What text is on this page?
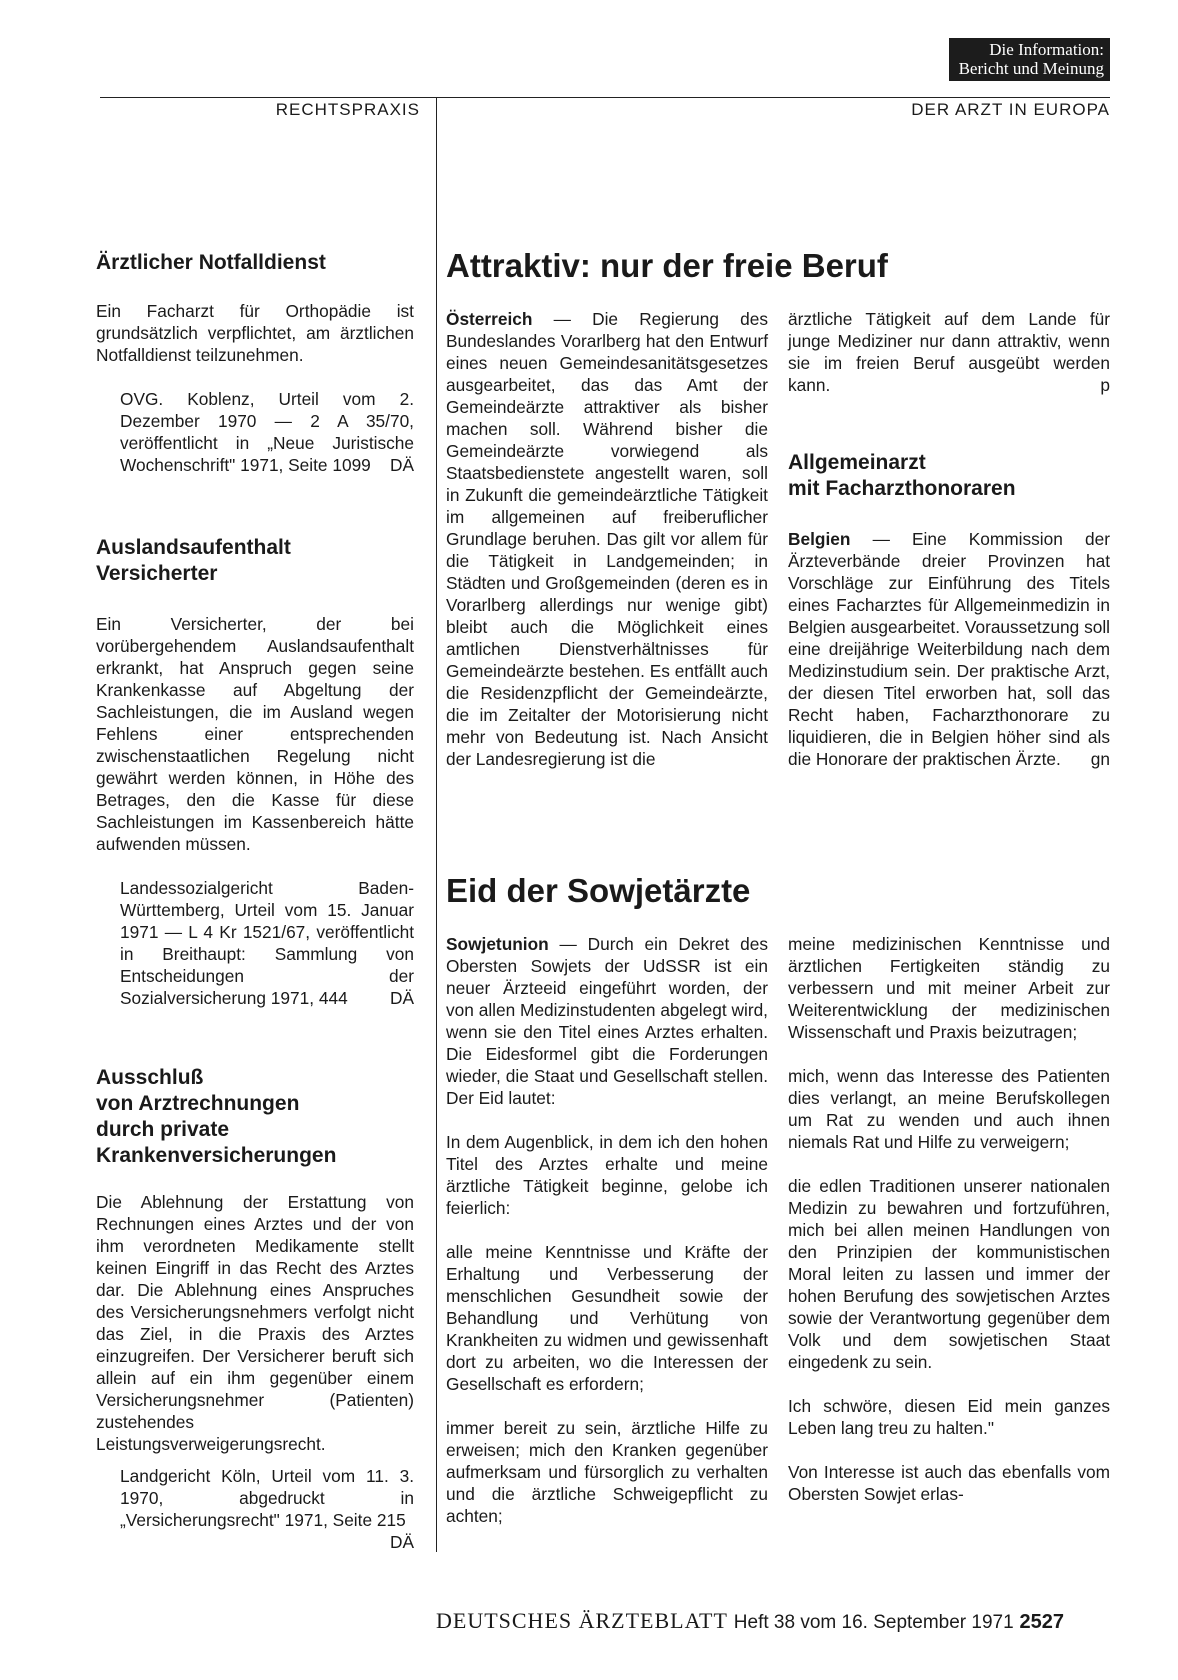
Die Information:
Bericht und Meinung
RECHTSPRAXIS	DER ARZT IN EUROPA
Ärztlicher Notfalldienst

Ein Facharzt für Orthopädie ist grundsätzlich verpflichtet, am ärztlichen Notfalldienst teilzunehmen.

OVG. Koblenz, Urteil vom 2. Dezember 1970 — 2 A 35/70, veröffentlicht in „Neue Juristische Wochenschrift" 1971, Seite 1099 DÄ

Auslandsaufenthalt
Versicherter

Ein Versicherter, der bei vorübergehendem Auslandsaufenthalt erkrankt, hat Anspruch gegen seine Krankenkasse auf Abgeltung der Sachleistungen, die im Ausland wegen Fehlens einer entsprechenden zwischenstaatlichen Regelung nicht gewährt werden können, in Höhe des Betrages, den die Kasse für diese Sachleistungen im Kassenbereich hätte aufwenden müssen.

Landessozialgericht Baden-Württemberg, Urteil vom 15. Januar 1971 — L 4 Kr 1521/67, veröffentlicht in Breithaupt: Sammlung von Entscheidungen der Sozialversicherung 1971, 444 DÄ

Ausschluß
von Arztrechnungen
durch private
Krankenversicherungen

Die Ablehnung der Erstattung von Rechnungen eines Arztes und der von ihm verordneten Medikamente stellt keinen Eingriff in das Recht des Arztes dar. Die Ablehnung eines Anspruches des Versicherungsnehmers verfolgt nicht das Ziel, in die Praxis des Arztes einzugreifen. Der Versicherer beruft sich allein auf ein ihm gegenüber einem Versicherungsnehmer (Patienten) zustehendes Leistungsverweigerungsrecht.

Landgericht Köln, Urteil vom 11. 3. 1970, abgedruckt in „Versicherungsrecht" 1971, Seite 215
DÄ

Attraktiv: nur der freie Beruf

Österreich — Die Regierung des Bundeslandes Vorarlberg hat den Entwurf eines neuen Gemeindesanitätsgesetzes ausgearbeitet, das das Amt der Gemeindeärzte attraktiver als bisher machen soll. Während bisher die Gemeindeärzte vorwiegend als Staatsbedienstete angestellt waren, soll in Zukunft die gemeindeärztliche Tätigkeit im allgemeinen auf freiberuflicher Grundlage beruhen. Das gilt vor allem für die Tätigkeit in Landgemeinden; in Städten und Großgemeinden (deren es in Vorarlberg allerdings nur wenige gibt) bleibt auch die Möglichkeit eines amtlichen Dienstverhältnisses für Gemeindeärzte bestehen. Es entfällt auch die Residenzpflicht der Gemeindeärzte, die im Zeitalter der Motorisierung nicht mehr von Bedeutung ist. Nach Ansicht der Landesregierung ist die

ärztliche Tätigkeit auf dem Lande für junge Mediziner nur dann attraktiv, wenn sie im freien Beruf ausgeübt werden kann.	p

Allgemeinarzt
mit Facharzthonoraren

Belgien — Eine Kommission der Ärzteverbände dreier Provinzen hat Vorschläge zur Einführung des Titels eines Facharztes für Allgemeinmedizin in Belgien ausgearbeitet. Voraussetzung soll eine dreijährige Weiterbildung nach dem Medizinstudium sein. Der praktische Arzt, der diesen Titel erworben hat, soll das Recht haben, Facharzthonorare zu liquidieren, die in Belgien höher sind als die Honorare der praktischen Ärzte. gn

Eid der Sowjetärzte

Sowjetunion — Durch ein Dekret des Obersten Sowjets der UdSSR ist ein neuer Ärzteeid eingeführt worden, der von allen Medizinstudenten abgelegt wird, wenn sie den Titel eines Arztes erhalten. Die Eidesformel gibt die Forderungen wieder, die Staat und Gesellschaft stellen. Der Eid lautet:

In dem Augenblick, in dem ich den hohen Titel des Arztes erhalte und meine ärztliche Tätigkeit beginne, gelobe ich feierlich:

alle meine Kenntnisse und Kräfte der Erhaltung und Verbesserung der menschlichen Gesundheit sowie der Behandlung und Verhütung von Krankheiten zu widmen und gewissenhaft dort zu arbeiten, wo die Interessen der Gesellschaft es erfordern;

immer bereit zu sein, ärztliche Hilfe zu erweisen; mich den Kranken gegenüber aufmerksam und fürsorglich zu verhalten und die ärztliche Schweigepflicht zu achten;

meine medizinischen Kenntnisse und ärztlichen Fertigkeiten ständig zu verbessern und mit meiner Arbeit zur Weiterentwicklung der medizinischen Wissenschaft und Praxis beizutragen;

mich, wenn das Interesse des Patienten dies verlangt, an meine Berufskollegen um Rat zu wenden und auch ihnen niemals Rat und Hilfe zu verweigern;

die edlen Traditionen unserer nationalen Medizin zu bewahren und fortzuführen, mich bei allen meinen Handlungen von den Prinzipien der kommunistischen Moral leiten zu lassen und immer der hohen Berufung des sowjetischen Arztes sowie der Verantwortung gegenüber dem Volk und dem sowjetischen Staat eingedenk zu sein.

Ich schwöre, diesen Eid mein ganzes Leben lang treu zu halten."

Von Interesse ist auch das ebenfalls vom Obersten Sowjet erlas-

DEUTSCHES ÄRZTEBLATT Heft 38 vom 16. September 1971 2527
